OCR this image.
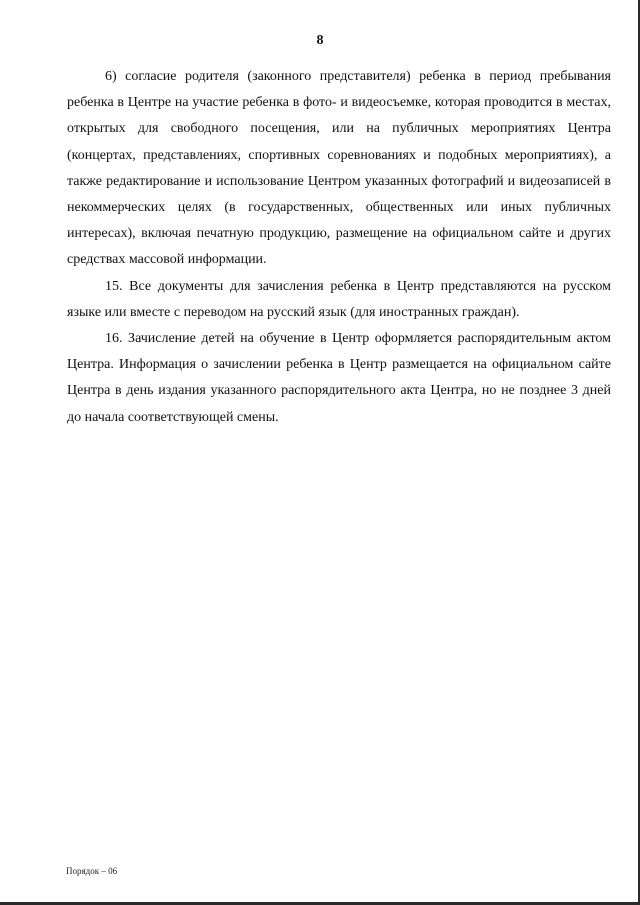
8

6) согласие родителя (законного представителя) ребенка в период пребывания ребенка в Центре на участие ребенка в фото- и видеосъемке, которая проводится в местах, открытых для свободного посещения, или на публичных мероприятиях Центра (концертах, представлениях, спортивных соревнованиях и подобных мероприятиях), а также редактирование и использование Центром указанных фотографий и видеозаписей в некоммерческих целях (в государственных, общественных или иных публичных интересах), включая печатную продукцию, размещение на официальном сайте и других средствах массовой информации.

15. Все документы для зачисления ребенка в Центр представляются на русском языке или вместе с переводом на русский язык (для иностранных граждан).

16. Зачисление детей на обучение в Центр оформляется распорядительным актом Центра. Информация о зачислении ребенка в Центр размещается на официальном сайте Центра в день издания указанного распорядительного акта Центра, но не позднее 3 дней до начала соответствующей смены.

Порядок – 06
